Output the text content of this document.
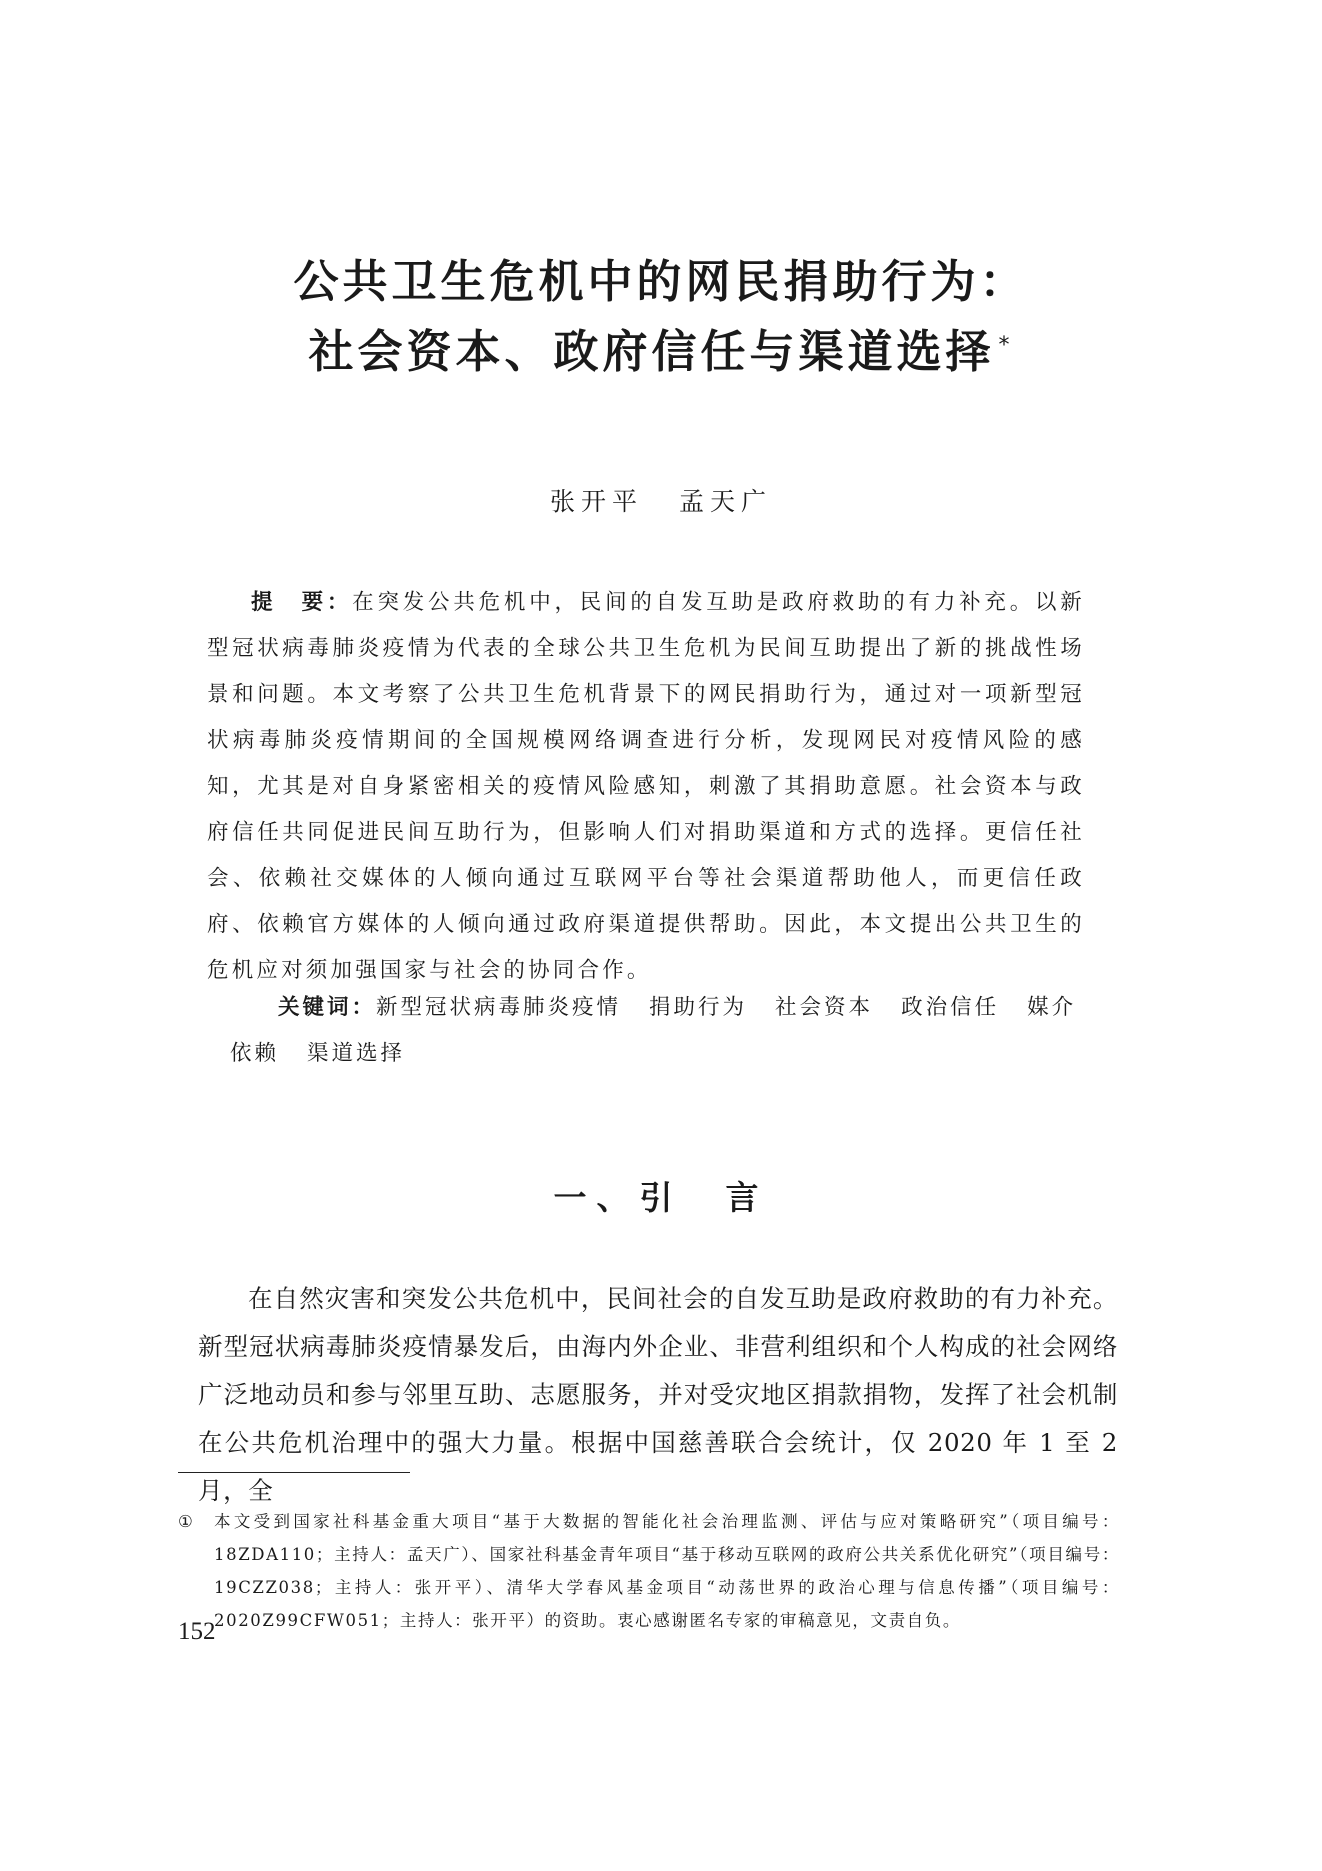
公共卫生危机中的网民捐助行为：
社会资本、政府信任与渠道选择 *
张开平 孟天广

提　要：在突发公共危机中，民间的自发互助是政府救助的有力补充。以新型冠状病毒肺炎疫情为代表的全球公共卫生危机为民间互助提出了新的挑战性场景和问题。本文考察了公共卫生危机背景下的网民捐助行为，通过对一项新型冠状病毒肺炎疫情期间的全国规模网络调查进行分析，发现网民对疫情风险的感知，尤其是对自身紧密相关的疫情风险感知，刺激了其捐助意愿。社会资本与政府信任共同促进民间互助行为，但影响人们对捐助渠道和方式的选择。更信任社会、依赖社交媒体的人倾向通过互联网平台等社会渠道帮助他人，而更信任政府、依赖官方媒体的人倾向通过政府渠道提供帮助。因此，本文提出公共卫生的危机应对须加强国家与社会的协同合作。

关键词：新型冠状病毒肺炎疫情 捐助行为 社会资本 政治信任 媒介依赖 渠道选择

一、引　言

在自然灾害和突发公共危机中，民间社会的自发互助是政府救助的有力补充。新型冠状病毒肺炎疫情暴发后，由海内外企业、非营利组织和个人构成的社会网络广泛地动员和参与邻里互助、志愿服务，并对受灾地区捐款捐物，发挥了社会机制在公共危机治理中的强大力量。根据中国慈善联合会统计，仅 2020 年 1 至 2 月，全

① 本文受到国家社科基金重大项目“基于大数据的智能化社会治理监测、评估与应对策略研究”（项目编号：18ZDA110；主持人：孟天广）、国家社科基金青年项目“基于移动互联网的政府公共关系优化研究”（项目编号：19CZZ038；主持人：张开平）、清华大学春风基金项目“动荡世界的政治心理与信息传播”（项目编号：2020Z99CFW051；主持人：张开平）的资助。衷心感谢匿名专家的审稿意见，文责自负。

152
